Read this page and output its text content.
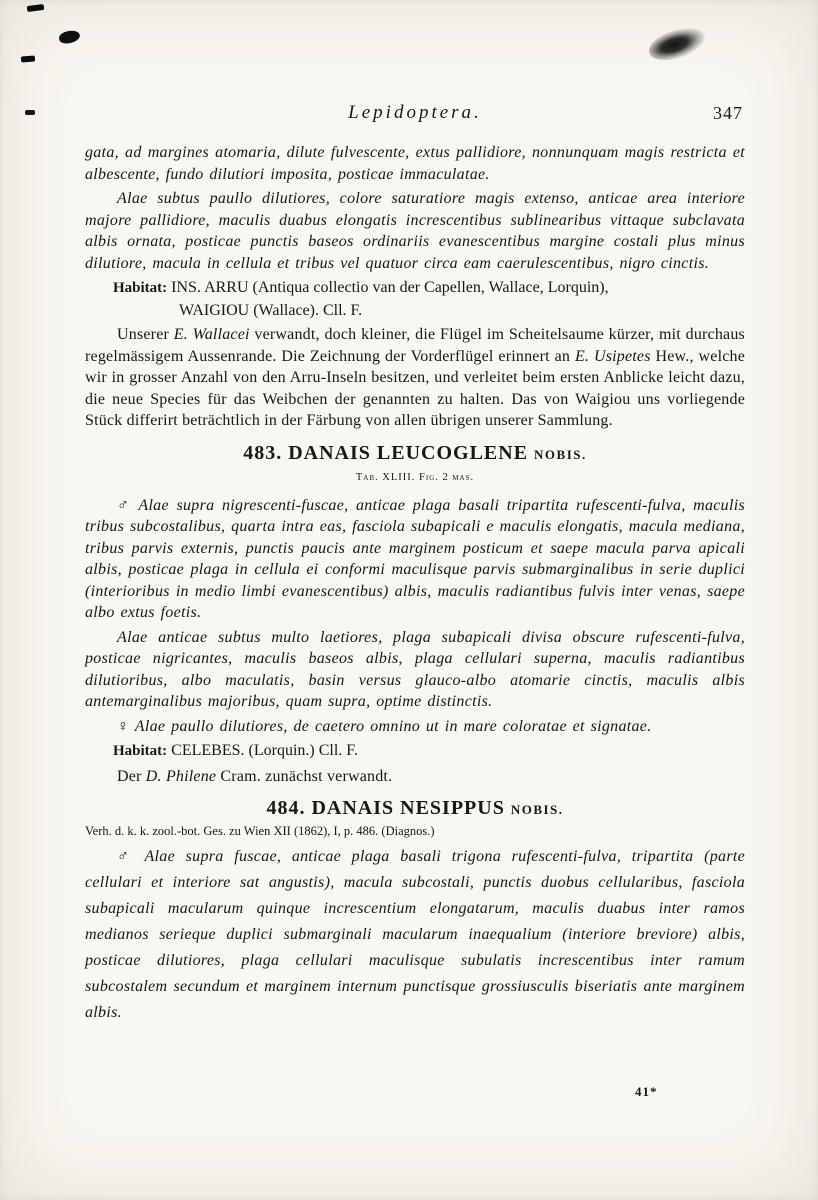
Lepidoptera.	347

gata, ad margines atomaria, dilute fulvescente, extus pallidiore, nonnunquam magis restricta et albescente, fundo dilutiori imposita, posticae immaculatae.

Alae subtus paullo dilutiores, colore saturatiore magis extenso, anticae area interiore majore pallidiore, maculis duabus elongatis increscentibus sublinearibus vittaque subclavata albis ornata, posticae punctis baseos ordinariis evanescentibus margine costali plus minus dilutiore, macula in cellula et tribus vel quatuor circa eam caerulescentibus, nigro cinctis.

Habitat: INS. ARRU (Antiqua collectio van der Capellen, Wallace, Lorquin),
WAIGIOU (Wallace). Cll. F.

Unserer E. Wallacei verwandt, doch kleiner, die Flügel im Scheitelsaume kürzer, mit durchaus regelmässigem Aussenrande. Die Zeichnung der Vorderflügel erinnert an E. Usipetes Hew., welche wir in grosser Anzahl von den Arru-Inseln besitzen, und verleitet beim ersten Anblicke leicht dazu, die neue Species für das Weibchen der genannten zu halten. Das von Waigiou uns vorliegende Stück differirt beträchtlich in der Färbung von allen übrigen unserer Sammlung.

483. DANAIS LEUCOGLENE NOBIS.
Tab. XLIII. Fig. 2 mas.

♂ Alae supra nigrescenti-fuscae, anticae plaga basali tripartita rufescenti-fulva, maculis tribus subcostalibus, quarta intra eas, fasciola subapicali e maculis elongatis, macula mediana, tribus parvis externis, punctis paucis ante marginem posticum et saepe macula parva apicali albis, posticae plaga in cellula ei conformi maculisque parvis submarginalibus in serie duplici (interioribus in medio limbi evanescentibus) albis, maculis radiantibus fulvis inter venas, saepe albo extus foetis.

Alae anticae subtus multo laetiores, plaga subapicali divisa obscure rufescenti-fulva, posticae nigricantes, maculis baseos albis, plaga cellulari superna, maculis radiantibus dilutioribus, albo maculatis, basin versus glauco-albo atomarie cinctis, maculis albis antemarginalibus majoribus, quam supra, optime distinctis.

♀ Alae paullo dilutiores, de caetero omnino ut in mare coloratae et signatae.

Habitat: CELEBES. (Lorquin.) Cll. F.

Der D. Philene Cram. zunächst verwandt.

484. DANAIS NESIPPUS NOBIS.
Verh. d. k. k. zool.-bot. Ges. zu Wien XII (1862), I, p. 486. (Diagnos.)

♂ Alae supra fuscae, anticae plaga basali trigona rufescenti-fulva, tripartita (parte cellulari et interiore sat angustis), macula subcostali, punctis duobus cellularibus, fasciola subapicali macularum quinque increscentium elongatarum, maculis duabus inter ramos medianos serieque duplici submarginali macularum inaequalium (interiore breviore) albis, posticae dilutiores, plaga cellulari maculisque subulatis increscentibus inter ramum subcostalem secundum et marginem internum punctisque grossiusculis biseriatis ante marginem albis.

41*
